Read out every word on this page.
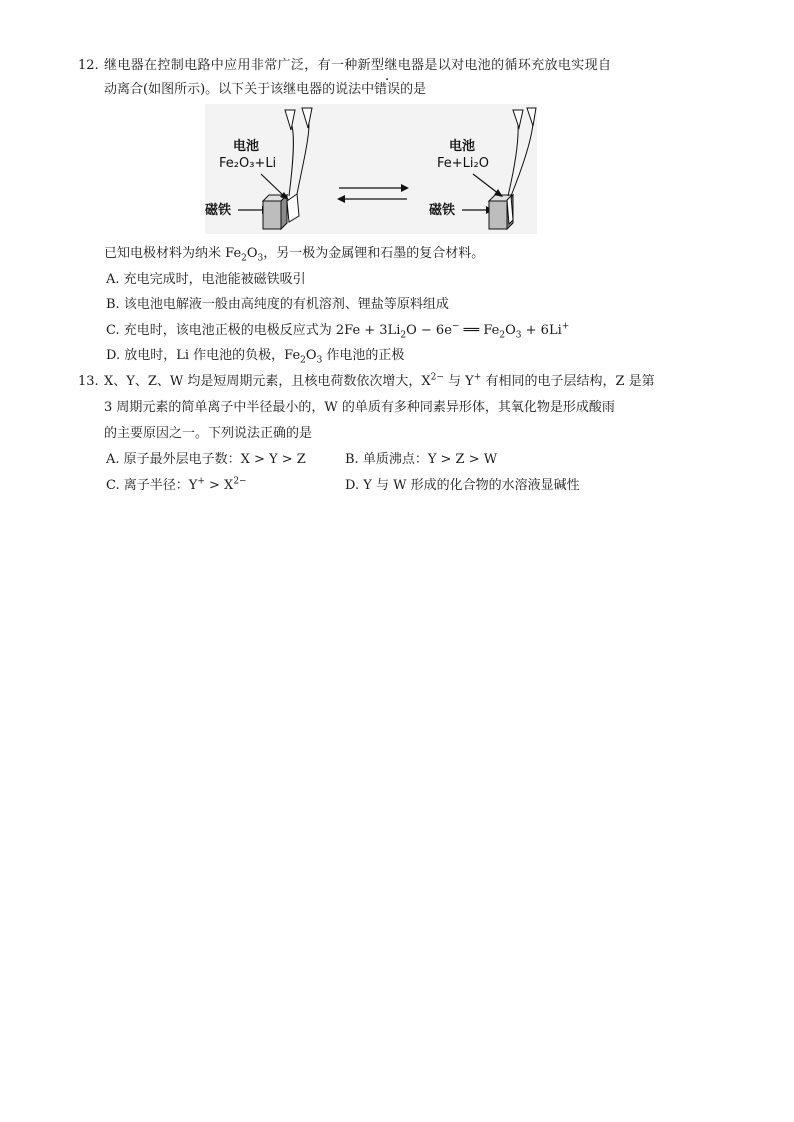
12. 继电器在控制电路中应用非常广泛，有一种新型继电器是以对电池的循环充放电实现自
动离合(如图所示)。以下关于该继电器的说法中错误的是
电池
Fe₂O₃+Li
磁铁
电池
Fe+Li₂O
磁铁
已知电极材料为纳米 $Fe_2O_3$，另一极为金属锂和石墨的复合材料。
A. 充电完成时，电池能被磁铁吸引
B. 该电池电解液一般由高纯度的有机溶剂、锂盐等原料组成
C. 充电时，该电池正极的电极反应式为 $2Fe + 3Li_2O - 6e^-$ ══ $Fe_2O_3 + 6Li^+$
D. 放电时，Li 作电池的负极，$Fe_2O_3$ 作电池的正极
13. X、Y、Z、W 均是短周期元素，且核电荷数依次增大，$X^{2-}$ 与 Y+ 有相同的电子层结构，Z 是第
3 周期元素的简单离子中半径最小的，W 的单质有多种同素异形体，其氧化物是形成酸雨
的主要原因之一。下列说法正确的是
A. 原子最外层电子数：X > Y > Z	B. 单质沸点：Y > Z > W
C. 离子半径：$Y^+ > X^{2-}$	D. Y 与 W 形成的化合物的水溶液显碱性
